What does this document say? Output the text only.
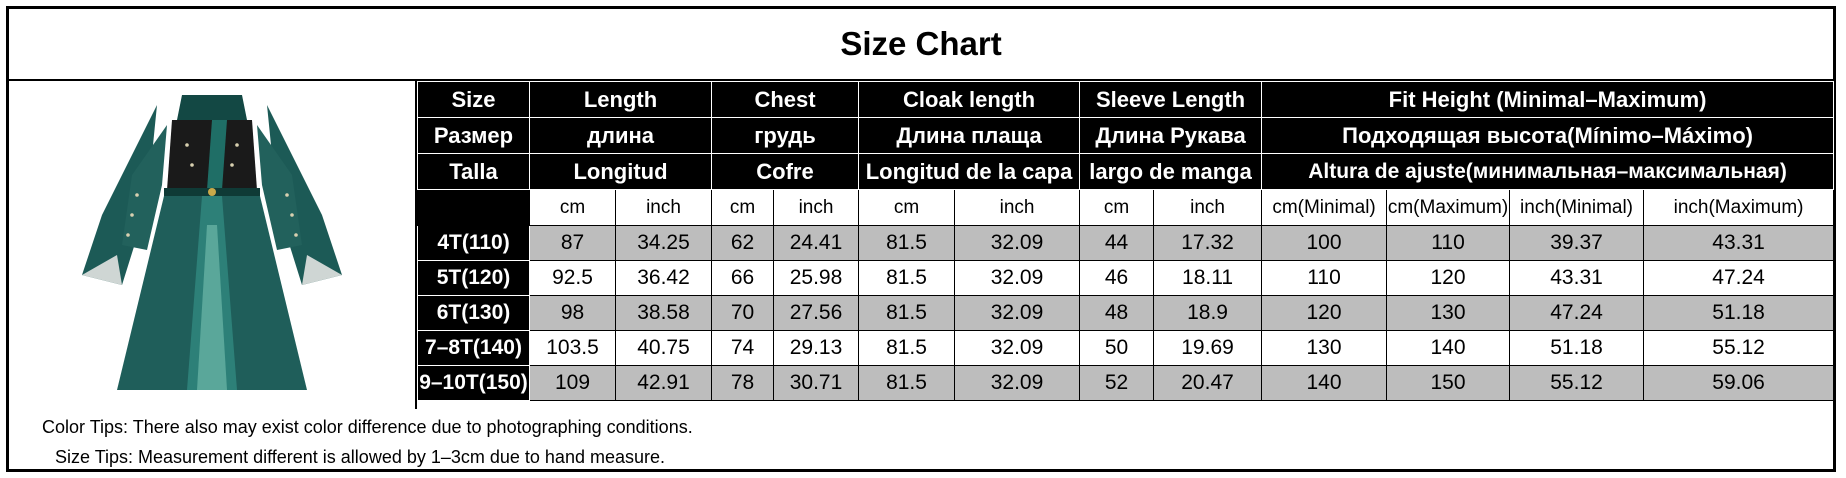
Size Chart
Size	Length		Chest		Cloak length		Sleeve Length		Fit Height (Minimal–Maximum)			
Размер	длина		грудь		Длина плаща		Длина Рукава		Подходящая высота(Mínimo–Máximo)			
Talla	Longitud		Cofre		Longitud de la capa		largo de manga		Altura de ajuste(минимальная–максимальная)			
	cm	inch	cm	inch	cm	inch	cm	inch	cm(Minimal)	cm(Maximum)	inch(Minimal)	inch(Maximum)
4T(110)	87	34.25	62	24.41	81.5	32.09	44	17.32	100	110	39.37	43.31
5T(120)	92.5	36.42	66	25.98	81.5	32.09	46	18.11	110	120	43.31	47.24
6T(130)	98	38.58	70	27.56	81.5	32.09	48	18.9	120	130	47.24	51.18
7–8T(140)	103.5	40.75	74	29.13	81.5	32.09	50	19.69	130	140	51.18	55.12
9–10T(150)	109	42.91	78	30.71	81.5	32.09	52	20.47	140	150	55.12	59.06
Color Tips: There also may exist color difference due to photographing conditions.
Size Tips: Measurement different is allowed by 1–3cm due to hand measure.
